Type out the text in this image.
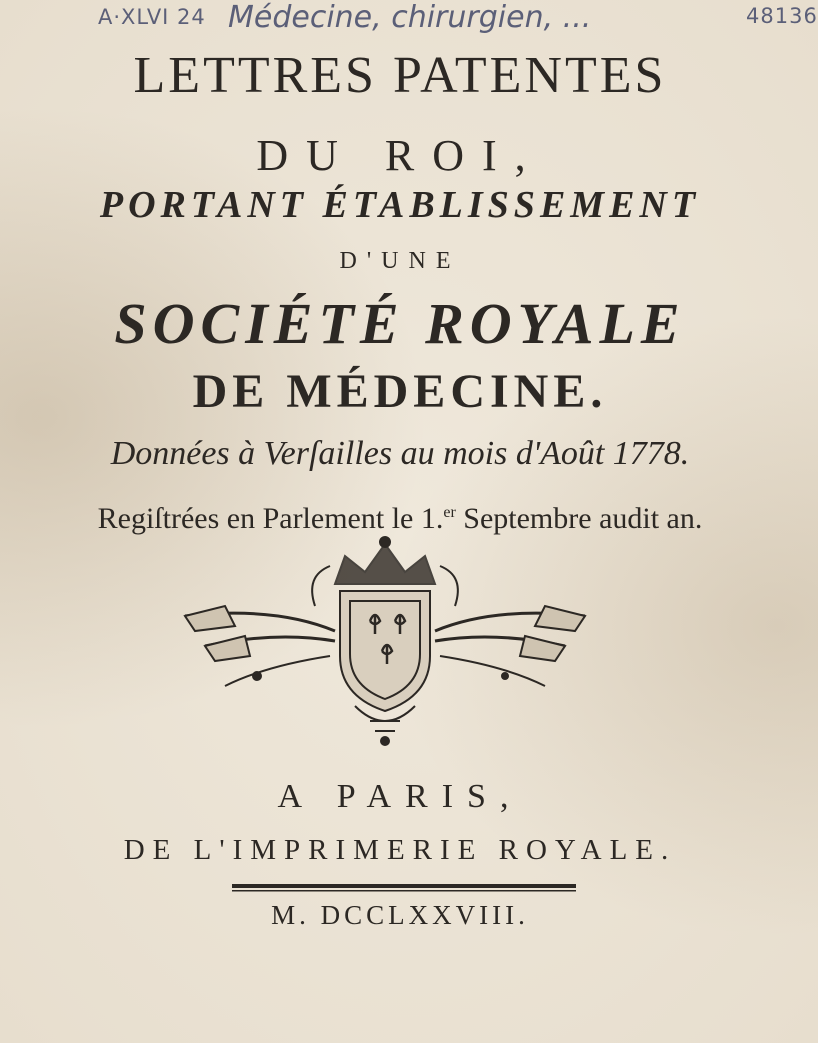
A·XLVI 24 Médecine, chirurgien, ...	48136
LETTRES PATENTES
DU ROI,
PORTANT ÉTABLISSEMENT
D'UNE
SOCIÉTÉ ROYALE
DE MÉDECINE.
Données à Verſailles au mois d'Août 1778.
Regiſtrées en Parlement le 1.$^{er}$ Septembre audit an.
A PARIS,
DE L'IMPRIMERIE ROYALE.
M. DCCLXXVIII.
